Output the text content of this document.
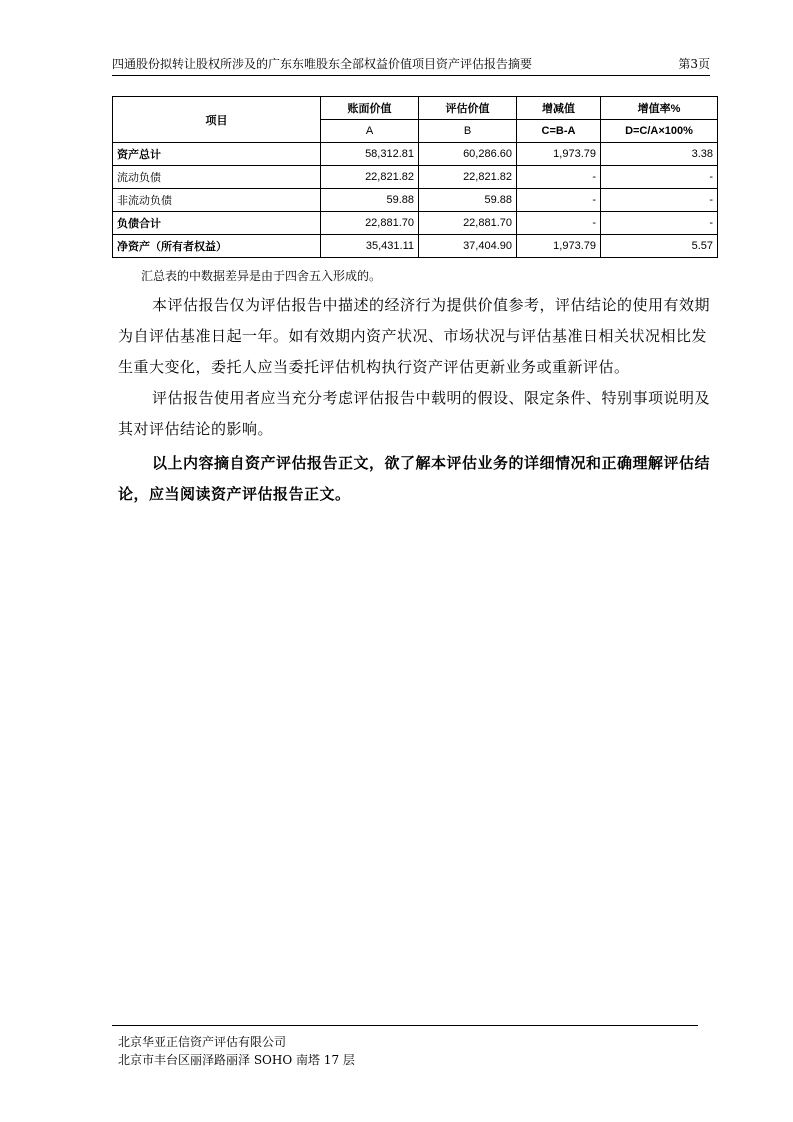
四通股份拟转让股权所涉及的广东东唯股东全部权益价值项目资产评估报告摘要	第3页
项目	账面价值	评估价值	增减值	增值率%
	A	B	C=B-A	D=C/A×100%
资产总计	58,312.81	60,286.60	1,973.79	3.38
流动负债	22,821.82	22,821.82	-	-
非流动负债	59.88	59.88	-	-
负债合计	22,881.70	22,881.70	-	-
净资产（所有者权益）	35,431.11	37,404.90	1,973.79	5.57
汇总表的中数据差异是由于四舍五入形成的。
本评估报告仅为评估报告中描述的经济行为提供价值参考，评估结论的使用有效期为自评估基准日起一年。如有效期内资产状况、市场状况与评估基准日相关状况相比发生重大变化，委托人应当委托评估机构执行资产评估更新业务或重新评估。
评估报告使用者应当充分考虑评估报告中载明的假设、限定条件、特别事项说明及其对评估结论的影响。
以上内容摘自资产评估报告正文，欲了解本评估业务的详细情况和正确理解评估结论，应当阅读资产评估报告正文。
北京华亚正信资产评估有限公司
北京市丰台区丽泽路丽泽 SOHO 南塔 17 层
